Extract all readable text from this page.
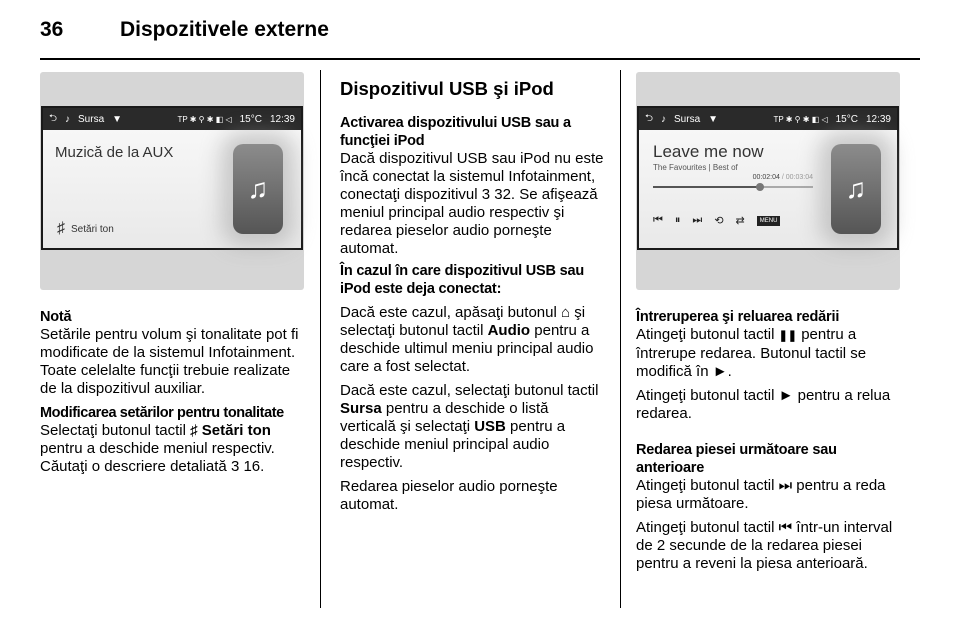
36	Dispozitivele externe
⮌ ♪ Sursa ▼	TP ✱ ⚲ ✱ ◧ ◁ 15°C 12:39
Muzică de la AUX
♫
♯ Setări ton

Notă

Setările pentru volum şi tonalitate pot fi modificate de la sistemul Infotainment. Toate celelalte funcţii trebuie realizate de la dispozitivul auxiliar.

Modificarea setărilor pentru tonalitate

Selectaţi butonul tactil ♯ Setări ton pentru a deschide meniul respectiv. Căutaţi o descriere detaliată 3 16.

Dispozitivul USB şi iPod

Activarea dispozitivului USB sau a funcţiei iPod

Dacă dispozitivul USB sau iPod nu este încă conectat la sistemul Infotainment, conectaţi dispozitivul 3 32. Se afişează meniul principal audio respectiv şi redarea pieselor audio porneşte automat.

În cazul în care dispozitivul USB sau iPod este deja conectat:

Dacă este cazul, apăsaţi butonul ⌂ şi selectaţi butonul tactil Audio pentru a deschide ultimul meniu principal audio care a fost selectat.

Dacă este cazul, selectaţi butonul tactil Sursa pentru a deschide o listă verticală şi selectaţi USB pentru a deschide meniul principal audio respectiv.

Redarea pieselor audio porneşte automat.

⮌ ♪ Sursa ▼	TP ✱ ⚲ ✱ ◧ ◁ 15°C 12:39
Leave me now
The Favourites | Best of
00:02:04 / 00:03:04
⏮ ⏸ ⏭ ⟲ ⇄	MENU
♫

Întreruperea şi reluarea redării

Atingeţi butonul tactil ❚❚ pentru a întrerupe redarea. Butonul tactil se modifică în ►.

Atingeţi butonul tactil ► pentru a relua redarea.

Redarea piesei următoare sau anterioare

Atingeţi butonul tactil ⏭ pentru a reda piesa următoare.

Atingeţi butonul tactil ⏮ într-un interval de 2 secunde de la redarea piesei pentru a reveni la piesa anterioară.
